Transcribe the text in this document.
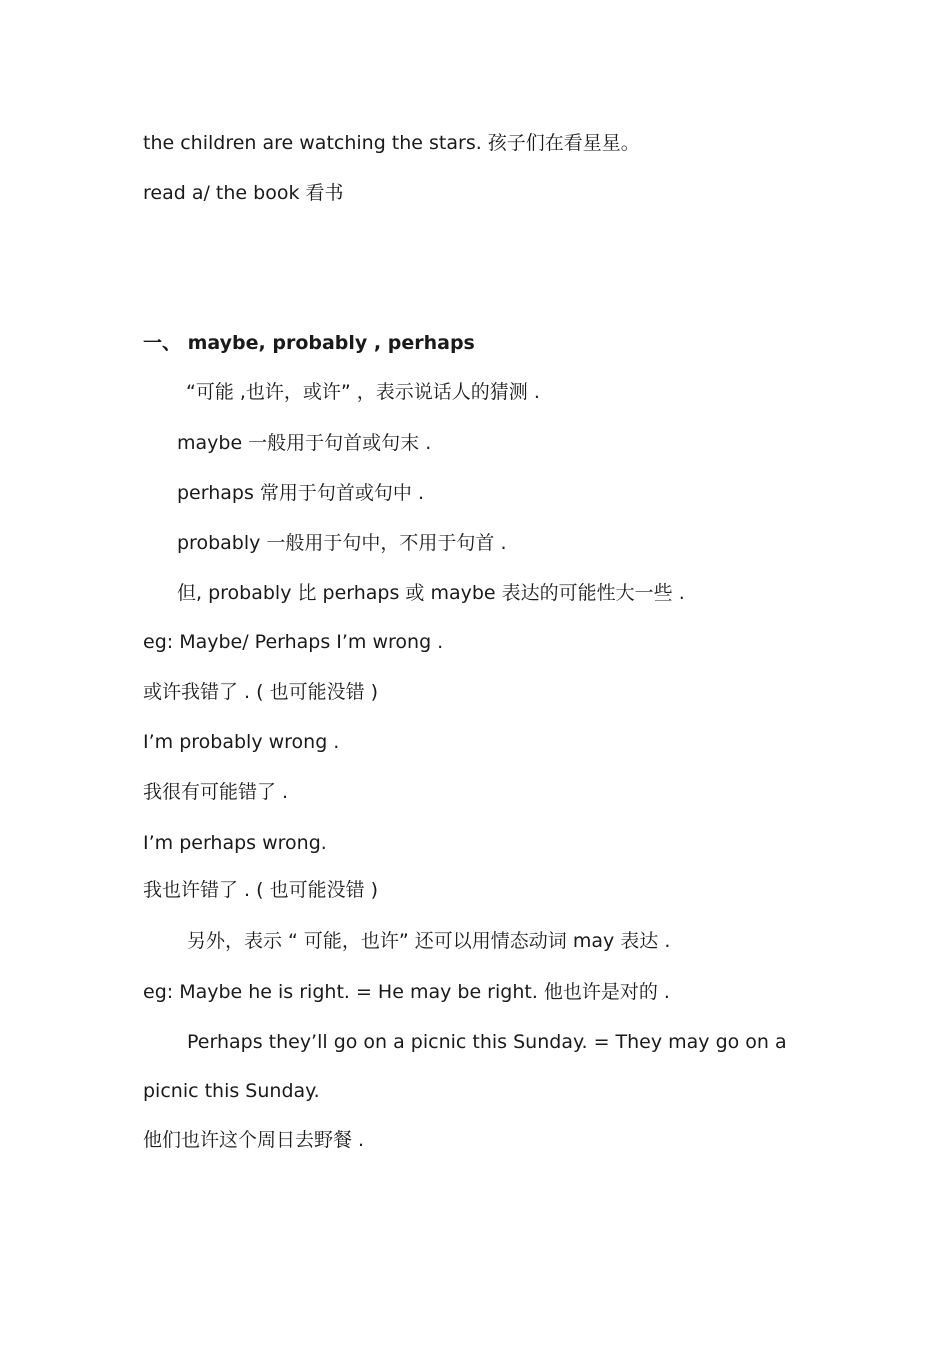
the children are watching the stars. 孩子们在看星星。
read a/ the book 看书
一、 maybe, probably , perhaps
“可能 ,也许，或许” ，表示说话人的猜测 .
maybe 一般用于句首或句末 .
perhaps 常用于句首或句中 .
probably 一般用于句中，不用于句首 .
但, probably 比 perhaps 或 maybe 表达的可能性大一些 .
eg: Maybe/ Perhaps I’m wrong .
或许我错了 . ( 也可能没错 )
I’m probably wrong .
我很有可能错了 .
I’m perhaps wrong.
我也许错了 . ( 也可能没错 )
另外，表示 “ 可能，也许” 还可以用情态动词 may 表达 .
eg: Maybe he is right. = He may be right. 他也许是对的 .
Perhaps they’ll go on a picnic this Sunday. = They may go on a
picnic this Sunday.
他们也许这个周日去野餐 .
